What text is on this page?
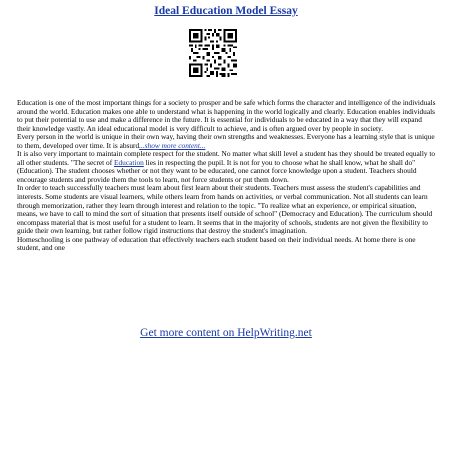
Ideal Education Model Essay

Education is one of the most important things for a society to prosper and be safe which forms the character and intelligence of the individuals around the world. Education makes one able to understand what is happening in the world logically and clearly. Education enables individuals to put their potential to use and make a difference in the future. It is essential for individuals to be educated in a way that they will expand their knowledge vastly. An ideal educational model is very difficult to achieve, and is often argued over by people in society.

Every person in the world is unique in their own way, having their own strengths and weaknesses. Everyone has a learning style that is unique to them, developed over time. It is absurd...show more content...

It is also very important to maintain complete respect for the student. No matter what skill level a student has they should be treated equally to all other students. "The secret of Education lies in respecting the pupil. It is not for you to choose what he shall know, what he shall do" (Education). The student chooses whether or not they want to be educated, one cannot force knowledge upon a student. Teachers should encourage students and provide them the tools to learn, not force students or put them down.

In order to teach successfully teachers must learn about first learn about their students. Teachers must assess the student's capabilities and interests. Some students are visual learners, while others learn from hands on activities, or verbal communication. Not all students can learn through memorization, rather they learn through interest and relation to the topic. "To realize what an experience, or empirical situation, means, we have to call to mind the sort of situation that presents itself outside of school" (Democracy and Education). The curriculum should encompass material that is most useful for a student to learn. It seems that in the majority of schools, students are not given the flexibility to guide their own learning, but rather follow rigid instructions that destroy the student's imagination.

Homeschooling is one pathway of education that effectively teachers each student based on their individual needs. At home there is one student, and one

Get more content on HelpWriting.net
